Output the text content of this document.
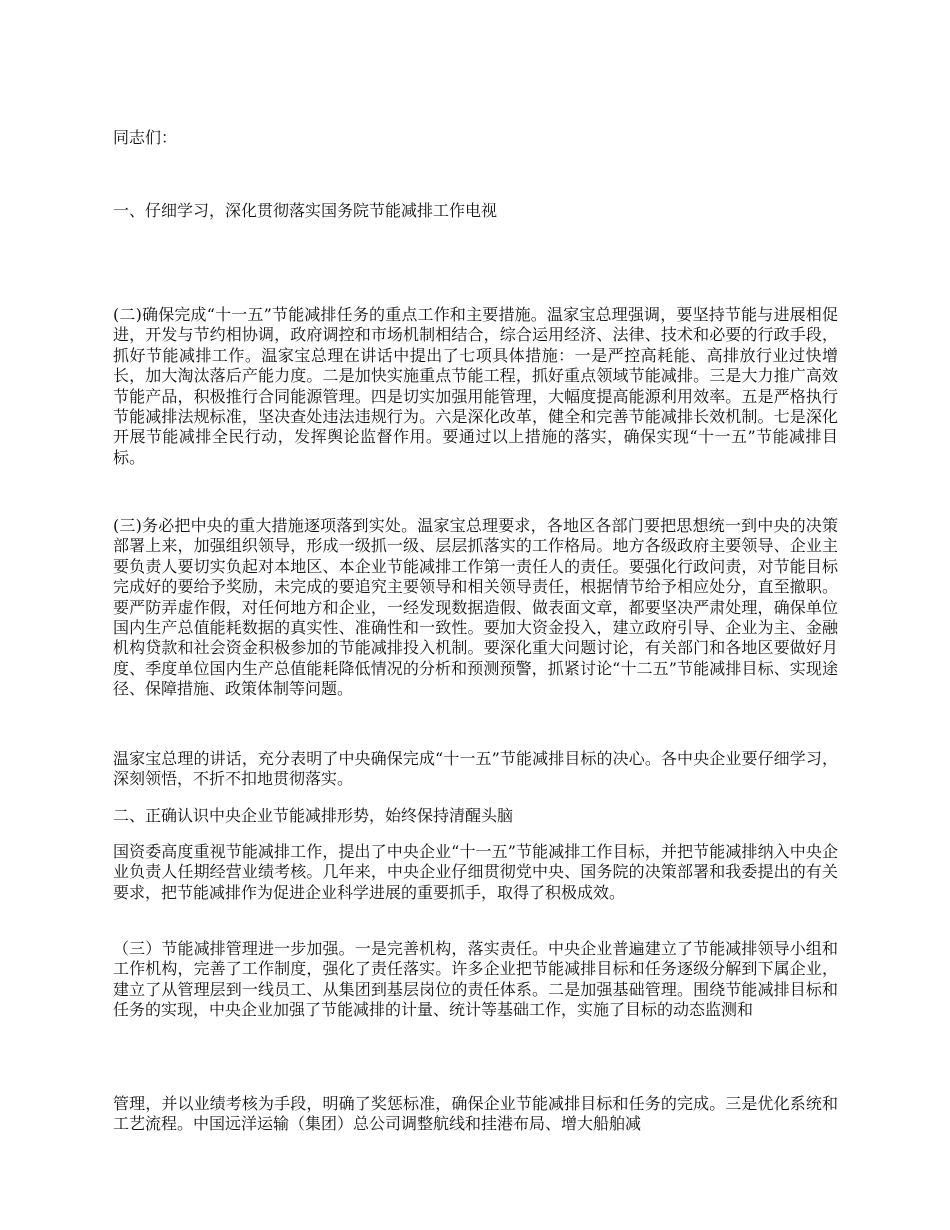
同志们：
一、仔细学习，深化贯彻落实国务院节能减排工作电视
(二)确保完成“十一五”节能减排任务的重点工作和主要措施。温家宝总理强调，要坚持节能与进展相促进，开发与节约相协调，政府调控和市场机制相结合，综合运用经济、法律、技术和必要的行政手段，抓好节能减排工作。温家宝总理在讲话中提出了七项具体措施：一是严控高耗能、高排放行业过快增长，加大淘汰落后产能力度。二是加快实施重点节能工程，抓好重点领域节能减排。三是大力推广高效节能产品，积极推行合同能源管理。四是切实加强用能管理，大幅度提高能源利用效率。五是严格执行节能减排法规标准，坚决查处违法违规行为。六是深化改革，健全和完善节能减排长效机制。七是深化开展节能减排全民行动，发挥舆论监督作用。要通过以上措施的落实，确保实现“十一五”节能减排目标。
(三)务必把中央的重大措施逐项落到实处。温家宝总理要求，各地区各部门要把思想统一到中央的决策部署上来，加强组织领导，形成一级抓一级、层层抓落实的工作格局。地方各级政府主要领导、企业主要负责人要切实负起对本地区、本企业节能减排工作第一责任人的责任。要强化行政问责，对节能目标完成好的要给予奖励，未完成的要追究主要领导和相关领导责任，根据情节给予相应处分，直至撤职。要严防弄虚作假，对任何地方和企业，一经发现数据造假、做表面文章，都要坚决严肃处理，确保单位国内生产总值能耗数据的真实性、准确性和一致性。要加大资金投入，建立政府引导、企业为主、金融机构贷款和社会资金积极参加的节能减排投入机制。要深化重大问题讨论，有关部门和各地区要做好月度、季度单位国内生产总值能耗降低情况的分析和预测预警，抓紧讨论“十二五”节能减排目标、实现途径、保障措施、政策体制等问题。
温家宝总理的讲话，充分表明了中央确保完成“十一五”节能减排目标的决心。各中央企业要仔细学习，深刻领悟，不折不扣地贯彻落实。
二、正确认识中央企业节能减排形势，始终保持清醒头脑
国资委高度重视节能减排工作，提出了中央企业“十一五”节能减排工作目标，并把节能减排纳入中央企业负责人任期经营业绩考核。几年来，中央企业仔细贯彻党中央、国务院的决策部署和我委提出的有关要求，把节能减排作为促进企业科学进展的重要抓手，取得了积极成效。
（三）节能减排管理进一步加强。一是完善机构，落实责任。中央企业普遍建立了节能减排领导小组和工作机构，完善了工作制度，强化了责任落实。许多企业把节能减排目标和任务逐级分解到下属企业，建立了从管理层到一线员工、从集团到基层岗位的责任体系。二是加强基础管理。围绕节能减排目标和任务的实现，中央企业加强了节能减排的计量、统计等基础工作，实施了目标的动态监测和
管理，并以业绩考核为手段，明确了奖惩标准，确保企业节能减排目标和任务的完成。三是优化系统和工艺流程。中国远洋运输（集团）总公司调整航线和挂港布局、增大船舶减
